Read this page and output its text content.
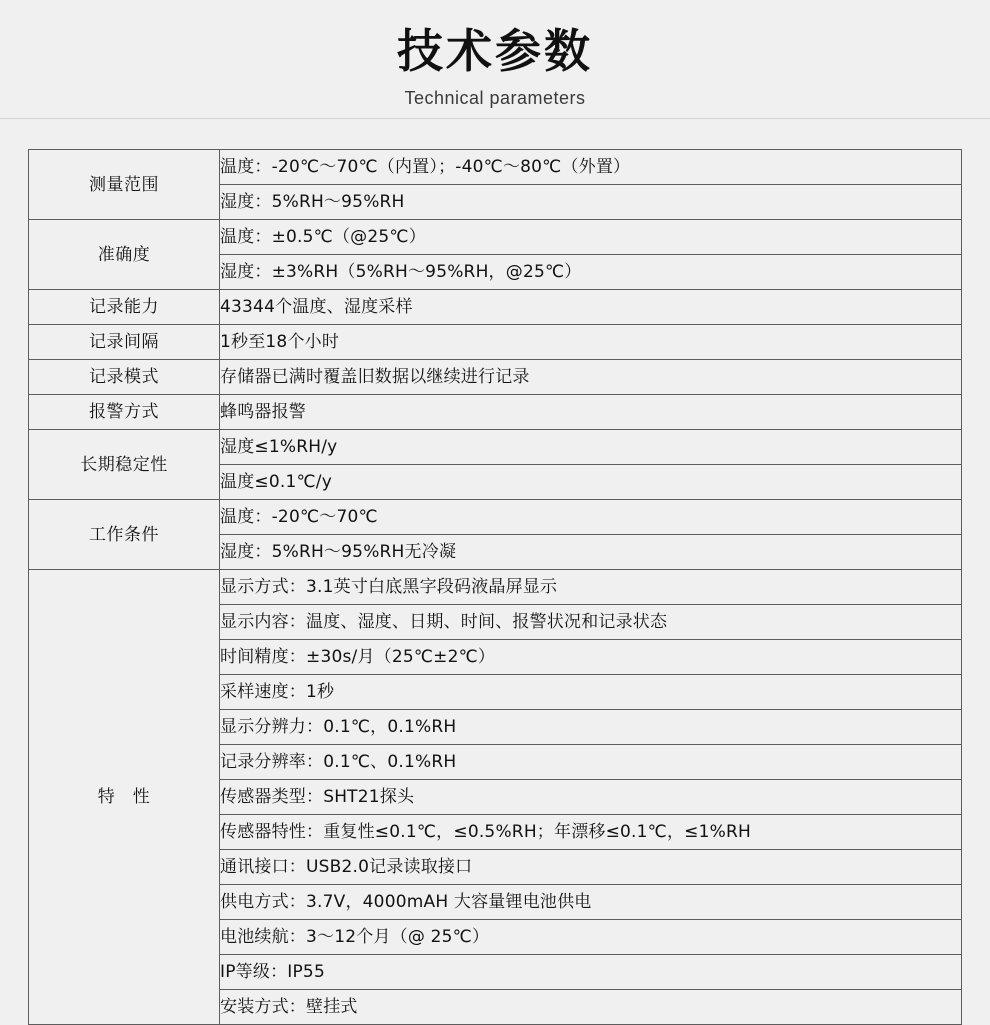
技术参数
Technical parameters
测量范围	温度：-20℃～70℃（内置）；-40℃～80℃（外置）
	湿度：5%RH～95%RH
准确度	温度：±0.5℃（@25℃）
	湿度：±3%RH（5%RH～95%RH，@25℃）
记录能力	43344个温度、湿度采样
记录间隔	1秒至18个小时
记录模式	存储器已满时覆盖旧数据以继续进行记录
报警方式	蜂鸣器报警
长期稳定性	湿度≤1%RH/y
	温度≤0.1℃/y
工作条件	温度：-20℃～70℃
	湿度：5%RH～95%RH无冷凝
特　性	显示方式：3.1英寸白底黑字段码液晶屏显示
	显示内容：温度、湿度、日期、时间、报警状况和记录状态
	时间精度：±30s/月（25℃±2℃）
	采样速度：1秒
	显示分辨力：0.1℃，0.1%RH
	记录分辨率：0.1℃、0.1%RH
	传感器类型：SHT21探头
	传感器特性：重复性≤0.1℃，≤0.5%RH；年漂移≤0.1℃，≤1%RH
	通讯接口：USB2.0记录读取接口
	供电方式：3.7V，4000mAH 大容量锂电池供电
	电池续航：3～12个月（@ 25℃）
	IP等级：IP55
	安装方式：壁挂式
